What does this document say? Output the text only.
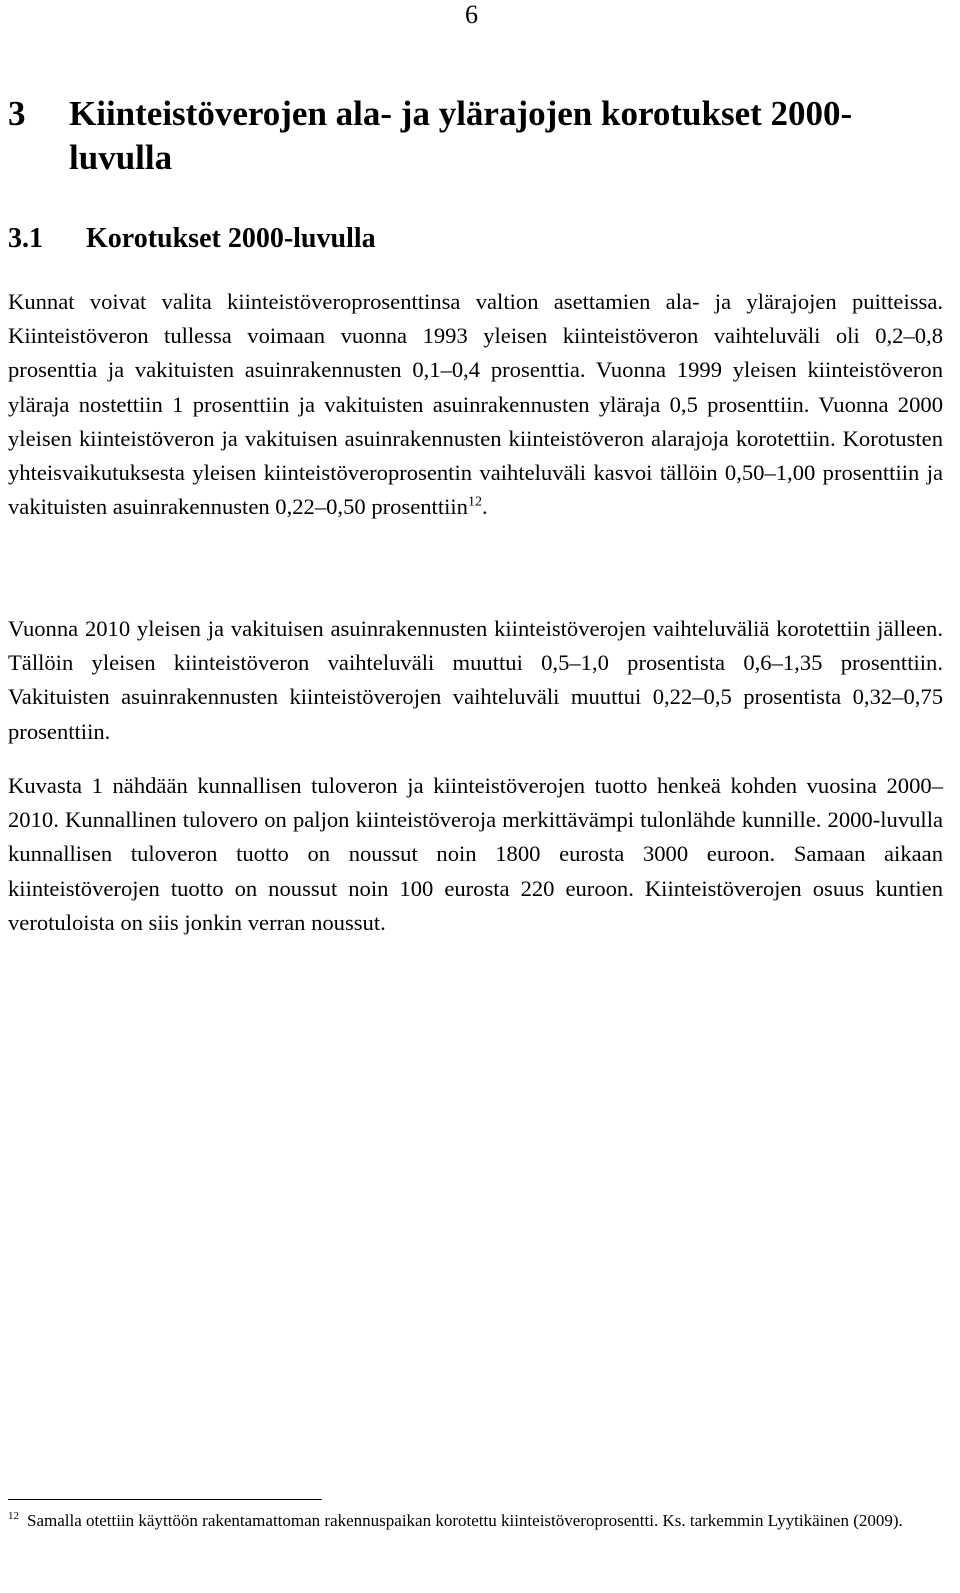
6
3 Kiinteistöverojen ala- ja ylärajojen korotukset 2000-luvulla
3.1 Korotukset 2000-luvulla

Kunnat voivat valita kiinteistöveroprosenttinsa valtion asettamien ala- ja ylärajojen puitteissa. Kiinteistöveron tullessa voimaan vuonna 1993 yleisen kiinteistöveron vaihteluväli oli 0,2–0,8 prosenttia ja vakituisten asuinrakennusten 0,1–0,4 prosenttia. Vuonna 1999 yleisen kiinteistöveron yläraja nostettiin 1 prosenttiin ja vakituisten asuinrakennusten yläraja 0,5 prosenttiin. Vuonna 2000 yleisen kiinteistöveron ja vakituisen asuinrakennusten kiinteistöveron alarajoja korotettiin. Korotusten yhteisvaikutuksesta yleisen kiinteistöveroprosentin vaihteluväli kasvoi tällöin 0,50–1,00 prosenttiin ja vakituisten asuinrakennusten 0,22–0,50 prosenttiin$^{12}$.

Vuonna 2010 yleisen ja vakituisen asuinrakennusten kiinteistöverojen vaihteluväliä korotettiin jälleen. Tällöin yleisen kiinteistöveron vaihteluväli muuttui 0,5–1,0 prosentista 0,6–1,35 prosenttiin. Vakituisten asuinrakennusten kiinteistöverojen vaihteluväli muuttui 0,22–0,5 prosentista 0,32–0,75 prosenttiin.

Kuvasta 1 nähdään kunnallisen tuloveron ja kiinteistöverojen tuotto henkeä kohden vuosina 2000–2010. Kunnallinen tulovero on paljon kiinteistöveroja merkittävämpi tulonlähde kunnille. 2000-luvulla kunnallisen tuloveron tuotto on noussut noin 1800 eurosta 3000 euroon. Samaan aikaan kiinteistöverojen tuotto on noussut noin 100 eurosta 220 euroon. Kiinteistöverojen osuus kuntien verotuloista on siis jonkin verran noussut.

$^{12}$ Samalla otettiin käyttöön rakentamattoman rakennuspaikan korotettu kiinteistöveroprosentti. Ks. tarkemmin Lyytikäinen (2009).
